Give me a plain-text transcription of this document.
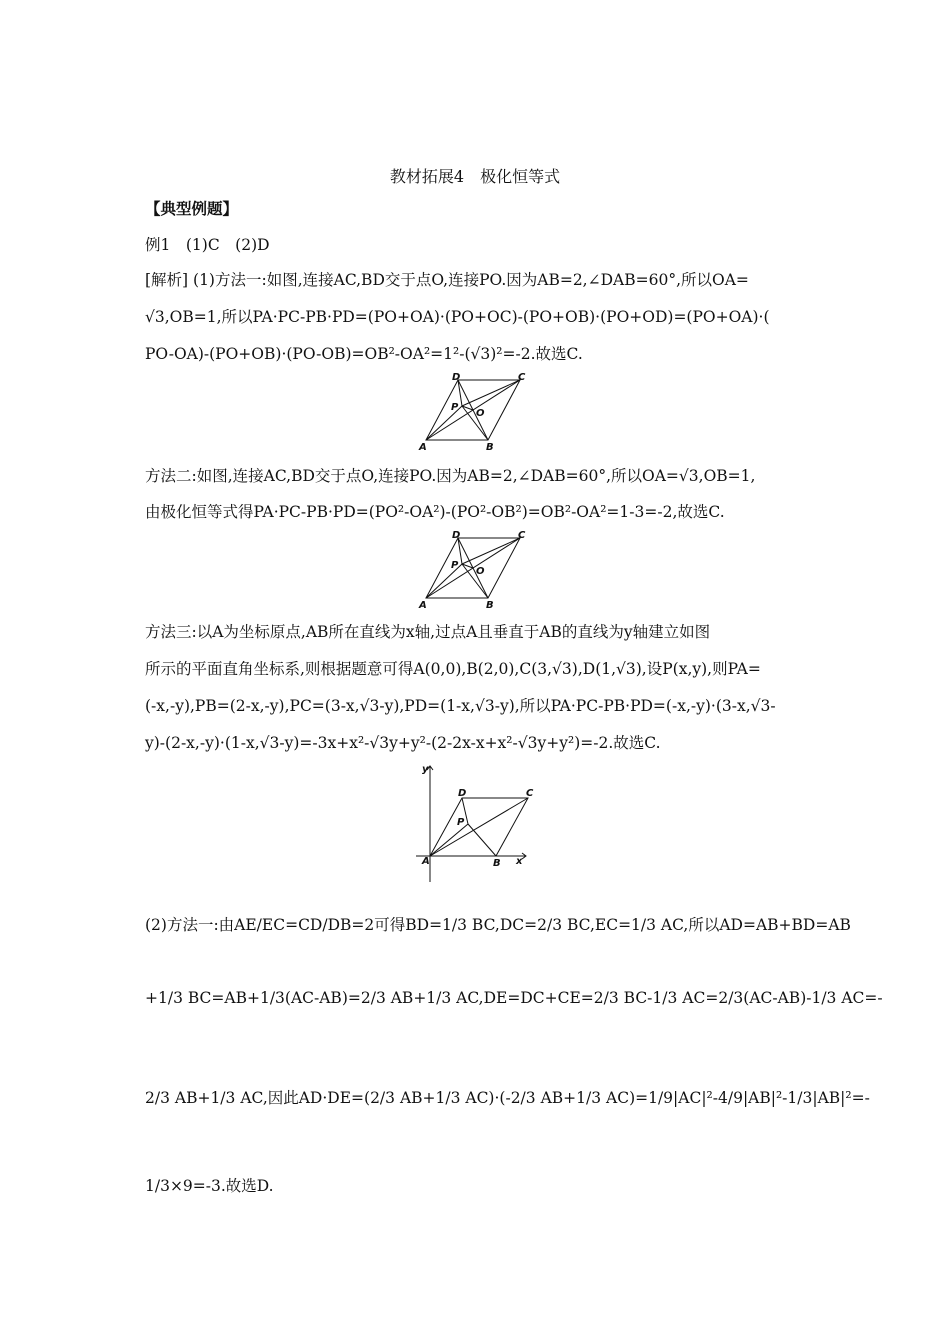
教材拓展4　极化恒等式
【典型例题】
例1　(1)C　(2)D
[解析] (1)方法一:如图,连接AC,BD交于点O,连接PO.因为AB=2,∠DAB=60°,所以OA=
√3,OB=1,所以PA·PC-PB·PD=(PO+OA)·(PO+OC)-(PO+OB)·(PO+OD)=(PO+OA)·(
PO-OA)-(PO+OB)·(PO-OB)=OB²-OA²=1²-(√3)²=-2.故选C.
A	B
C
D
P
O
方法二:如图,连接AC,BD交于点O,连接PO.因为AB=2,∠DAB=60°,所以OA=√3,OB=1,
由极化恒等式得PA·PC-PB·PD=(PO²-OA²)-(PO²-OB²)=OB²-OA²=1-3=-2,故选C.
A	B
C
D
P
O
方法三:以A为坐标原点,AB所在直线为x轴,过点A且垂直于AB的直线为y轴建立如图
所示的平面直角坐标系,则根据题意可得A(0,0),B(2,0),C(3,√3),D(1,√3),设P(x,y),则PA=
(-x,-y),PB=(2-x,-y),PC=(3-x,√3-y),PD=(1-x,√3-y),所以PA·PC-PB·PD=(-x,-y)·(3-x,√3-
y)-(2-x,-y)·(1-x,√3-y)=-3x+x²-√3y+y²-(2-2x-x+x²-√3y+y²)=-2.故选C.
A	B
C
D
P
x
y
(2)方法一:由AE/EC=CD/DB=2可得BD=1/3 BC,DC=2/3 BC,EC=1/3 AC,所以AD=AB+BD=AB
+1/3 BC=AB+1/3(AC-AB)=2/3 AB+1/3 AC,DE=DC+CE=2/3 BC-1/3 AC=2/3(AC-AB)-1/3 AC=-
2/3 AB+1/3 AC,因此AD·DE=(2/3 AB+1/3 AC)·(-2/3 AB+1/3 AC)=1/9|AC|²-4/9|AB|²-1/3|AB|²=-
1/3×9=-3.故选D.
